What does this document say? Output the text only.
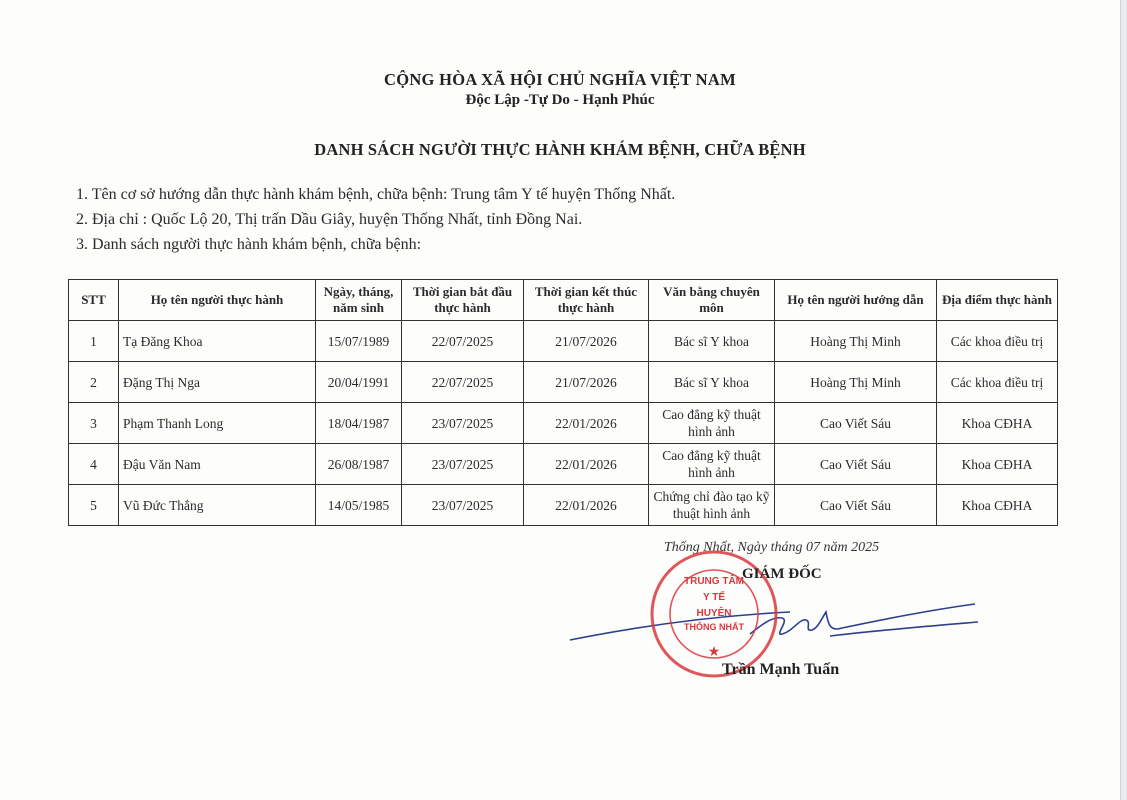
CỘNG HÒA XÃ HỘI CHỦ NGHĨA VIỆT NAM
Độc Lập -Tự Do - Hạnh Phúc
DANH SÁCH NGƯỜI THỰC HÀNH KHÁM BỆNH, CHỮA BỆNH
1. Tên cơ sở hướng dẫn thực hành khám bệnh, chữa bệnh: Trung tâm Y tế huyện Thống Nhất.
2. Địa chỉ : Quốc Lộ 20, Thị trấn Dầu Giây, huyện Thống Nhất, tỉnh Đồng Nai.
3. Danh sách người thực hành khám bệnh, chữa bệnh:
STT	Họ tên người thực hành	Ngày, tháng, năm sinh	Thời gian bắt đầu thực hành	Thời gian kết thúc thực hành	Văn bằng chuyên môn	Họ tên người hướng dẫn	Địa điểm thực hành
1	Tạ Đăng Khoa	15/07/1989	22/07/2025	21/07/2026	Bác sĩ Y khoa	Hoàng Thị Minh	Các khoa điều trị
2	Đặng Thị Nga	20/04/1991	22/07/2025	21/07/2026	Bác sĩ Y khoa	Hoàng Thị Minh	Các khoa điều trị
3	Phạm Thanh Long	18/04/1987	23/07/2025	22/01/2026	Cao đẳng kỹ thuật hình ảnh	Cao Viết Sáu	Khoa CĐHA
4	Đậu Văn Nam	26/08/1987	23/07/2025	22/01/2026	Cao đẳng kỹ thuật hình ảnh	Cao Viết Sáu	Khoa CĐHA
5	Vũ Đức Thắng	14/05/1985	23/07/2025	22/01/2026	Chứng chỉ đào tạo kỹ thuật hình ảnh	Cao Viết Sáu	Khoa CĐHA
Thống Nhất, Ngày tháng 07 năm 2025
TRUNG TÂM
Y TẾ
HUYỆN
THỐNG NHẤT
★
GIÁM ĐỐC
Trần Mạnh Tuấn
